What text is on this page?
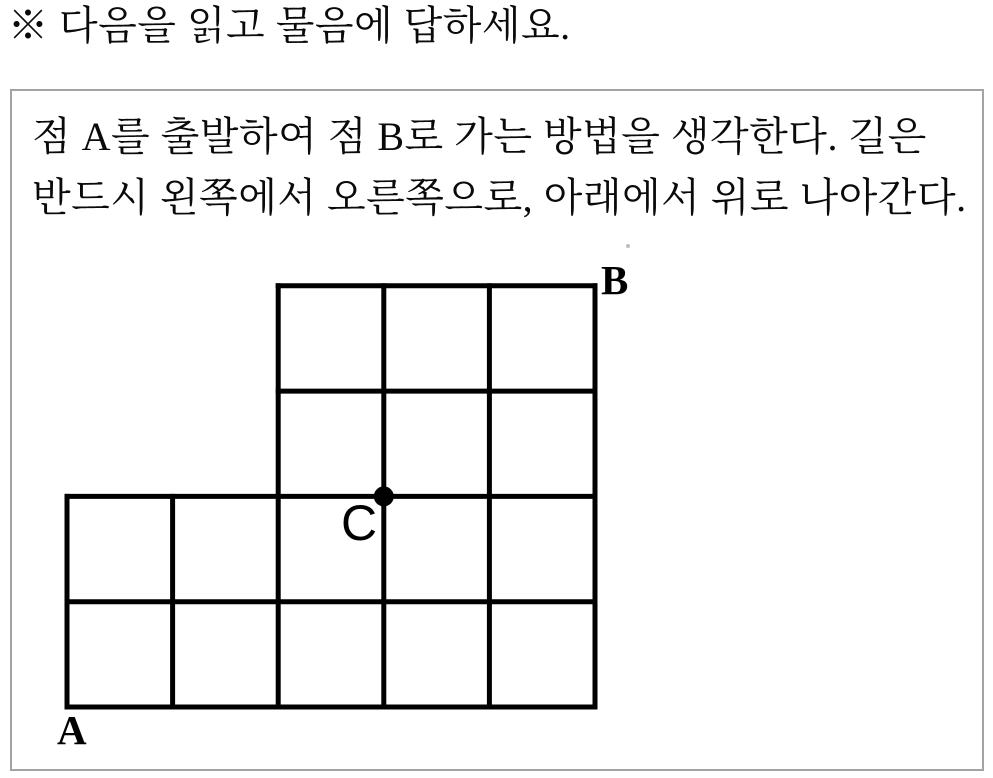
※ 다음을 읽고 물음에 답하세요.
점 A를 출발하여 점 B로 가는 방법을 생각한다. 길은
반드시 왼쪽에서 오른쪽으로, 아래에서 위로 나아간다.
A
B
C
